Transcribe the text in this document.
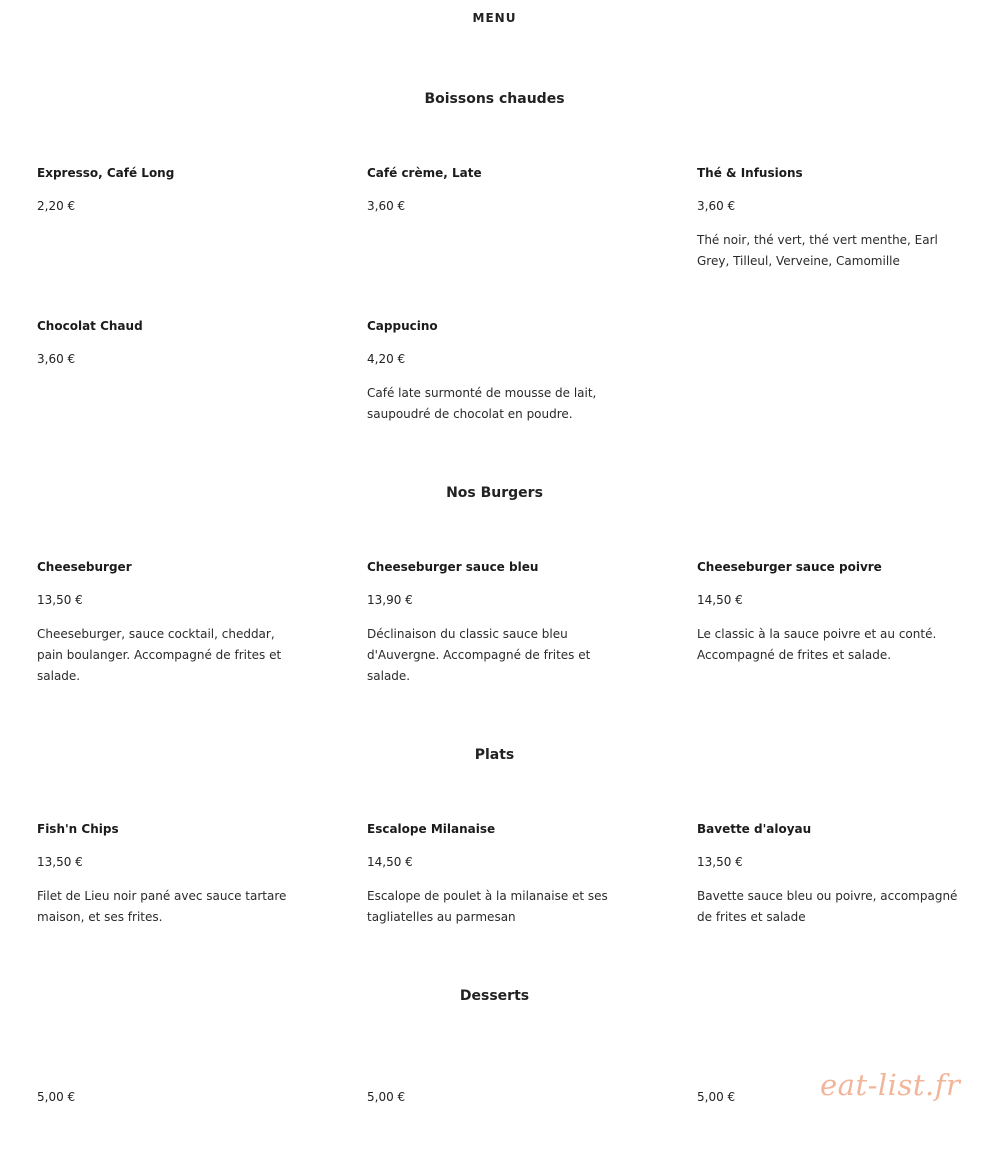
MENU
Boissons chaudes
Expresso, Café Long
2,20 €
Café crème, Late
3,60 €
Thé & Infusions
3,60 €
Thé noir, thé vert, thé vert menthe, Earl Grey, Tilleul, Verveine, Camomille
Chocolat Chaud
3,60 €
Cappucino
4,20 €
Café late surmonté de mousse de lait, saupoudré de chocolat en poudre.
Nos Burgers
Cheeseburger
13,50 €
Cheeseburger, sauce cocktail, cheddar, pain boulanger. Accompagné de frites et salade.
Cheeseburger sauce bleu
13,90 €
Déclinaison du classic sauce bleu d'Auvergne. Accompagné de frites et salade.
Cheeseburger sauce poivre
14,50 €
Le classic à la sauce poivre et au conté. Accompagné de frites et salade.
Plats
Fish'n Chips
13,50 €
Filet de Lieu noir pané avec sauce tartare maison, et ses frites.
Escalope Milanaise
14,50 €
Escalope de poulet à la milanaise et ses tagliatelles au parmesan
Bavette d'aloyau
13,50 €
Bavette sauce bleu ou poivre, accompagné de frites et salade
Desserts
5,00 €	5,00 €	5,00 €	eat-list.fr
